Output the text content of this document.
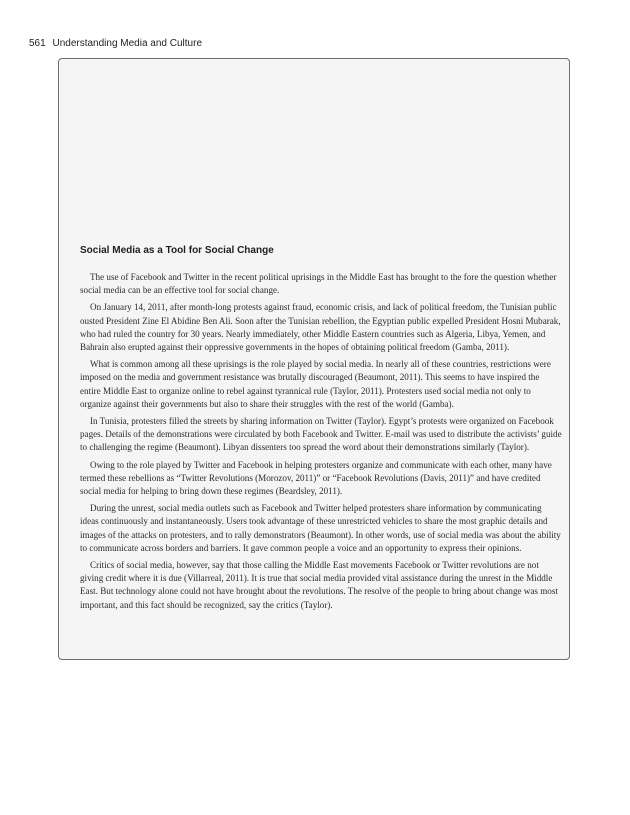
561 Understanding Media and Culture
Social Media as a Tool for Social Change

The use of Facebook and Twitter in the recent political uprisings in the Middle East has brought to the fore the question whether social media can be an effective tool for social change.

On January 14, 2011, after month-long protests against fraud, economic crisis, and lack of political freedom, the Tunisian public ousted President Zine El Abidine Ben Ali. Soon after the Tunisian rebellion, the Egyptian public expelled President Hosni Mubarak, who had ruled the country for 30 years. Nearly immediately, other Middle Eastern countries such as Algeria, Libya, Yemen, and Bahrain also erupted against their oppressive governments in the hopes of obtaining political freedom (Gamba, 2011).

What is common among all these uprisings is the role played by social media. In nearly all of these countries, restrictions were imposed on the media and government resistance was brutally discouraged (Beaumont, 2011). This seems to have inspired the entire Middle East to organize online to rebel against tyrannical rule (Taylor, 2011). Protesters used social media not only to organize against their governments but also to share their struggles with the rest of the world (Gamba).

In Tunisia, protesters filled the streets by sharing information on Twitter (Taylor). Egypt’s protests were organized on Facebook pages. Details of the demonstrations were circulated by both Facebook and Twitter. E-mail was used to distribute the activists’ guide to challenging the regime (Beaumont). Libyan dissenters too spread the word about their demonstrations similarly (Taylor).

Owing to the role played by Twitter and Facebook in helping protesters organize and communicate with each other, many have termed these rebellions as “Twitter Revolutions (Morozov, 2011)” or “Facebook Revolutions (Davis, 2011)” and have credited social media for helping to bring down these regimes (Beardsley, 2011).

During the unrest, social media outlets such as Facebook and Twitter helped protesters share information by communicating ideas continuously and instantaneously. Users took advantage of these unrestricted vehicles to share the most graphic details and images of the attacks on protesters, and to rally demonstrators (Beaumont). In other words, use of social media was about the ability to communicate across borders and barriers. It gave common people a voice and an opportunity to express their opinions.

Critics of social media, however, say that those calling the Middle East movements Facebook or Twitter revolutions are not giving credit where it is due (Villarreal, 2011). It is true that social media provided vital assistance during the unrest in the Middle East. But technology alone could not have brought about the revolutions. The resolve of the people to bring about change was most important, and this fact should be recognized, say the critics (Taylor).
